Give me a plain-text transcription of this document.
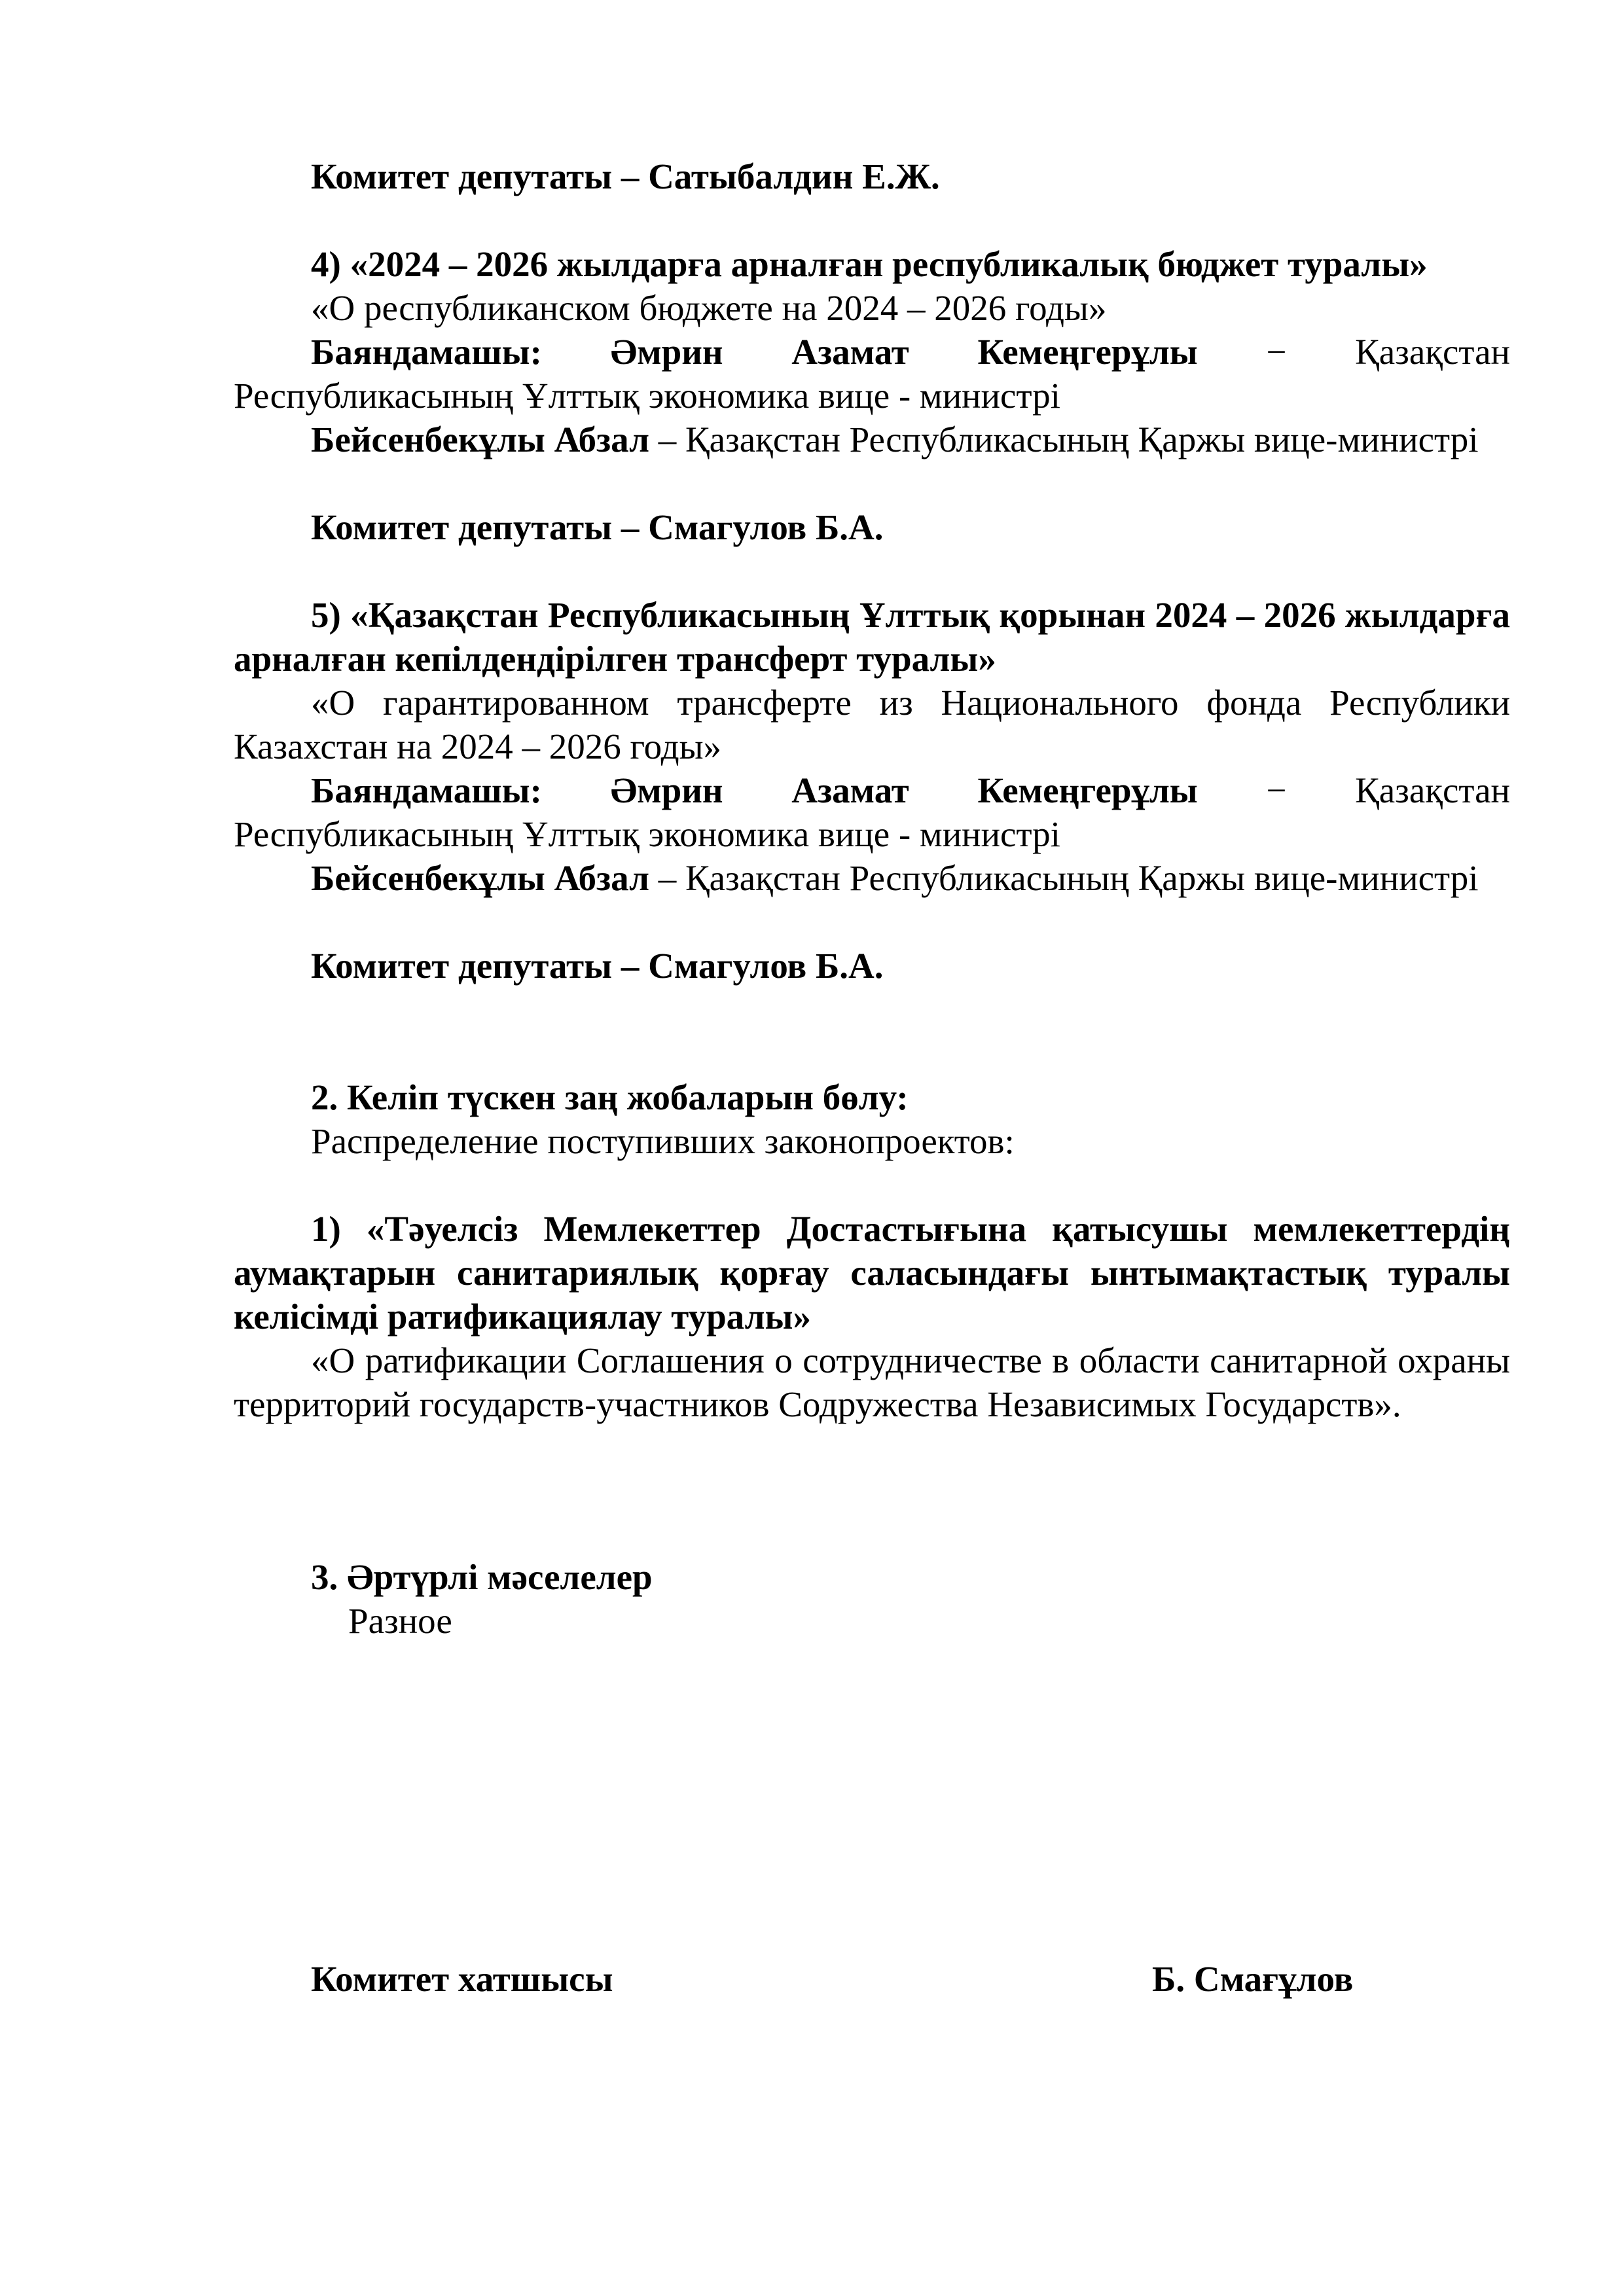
Комитет депутаты – Сатыбалдин Е.Ж.

4) «2024 – 2026 жылдарға арналған республикалық бюджет туралы»

«О республиканском бюджете на 2024 – 2026 годы»

Баяндамашы: Әмрин Азамат Кемеңгерұлы − Қазақстан

Республикасының Ұлттық экономика вице - министрі

Бейсенбекұлы Абзал – Қазақстан Республикасының Қаржы вице-министрі

Комитет депутаты – Смагулов Б.А.

5) «Қазақстан Республикасының Ұлттық қорынан 2024 – 2026 жылдарға арналған кепілдендірілген трансферт туралы»

«О гарантированном трансферте из Национального фонда Республики Казахстан на 2024 – 2026 годы»

Баяндамашы: Әмрин Азамат Кемеңгерұлы − Қазақстан

Республикасының Ұлттық экономика вице - министрі

Бейсенбекұлы Абзал – Қазақстан Республикасының Қаржы вице-министрі

Комитет депутаты – Смагулов Б.А.

2. Келіп түскен заң жобаларын бөлу:

Распределение поступивших законопроектов:

1) «Тәуелсіз Мемлекеттер Достастығына қатысушы мемлекеттердің аумақтарын санитариялық қорғау саласындағы ынтымақтастық туралы келісімді ратификациялау туралы»

«О ратификации Соглашения о сотрудничестве в области санитарной охраны территорий государств-участников Содружества Независимых Государств».

3. Әртүрлі мәселелер

Разное

Комитет хатшысы	Б. Смағұлов
